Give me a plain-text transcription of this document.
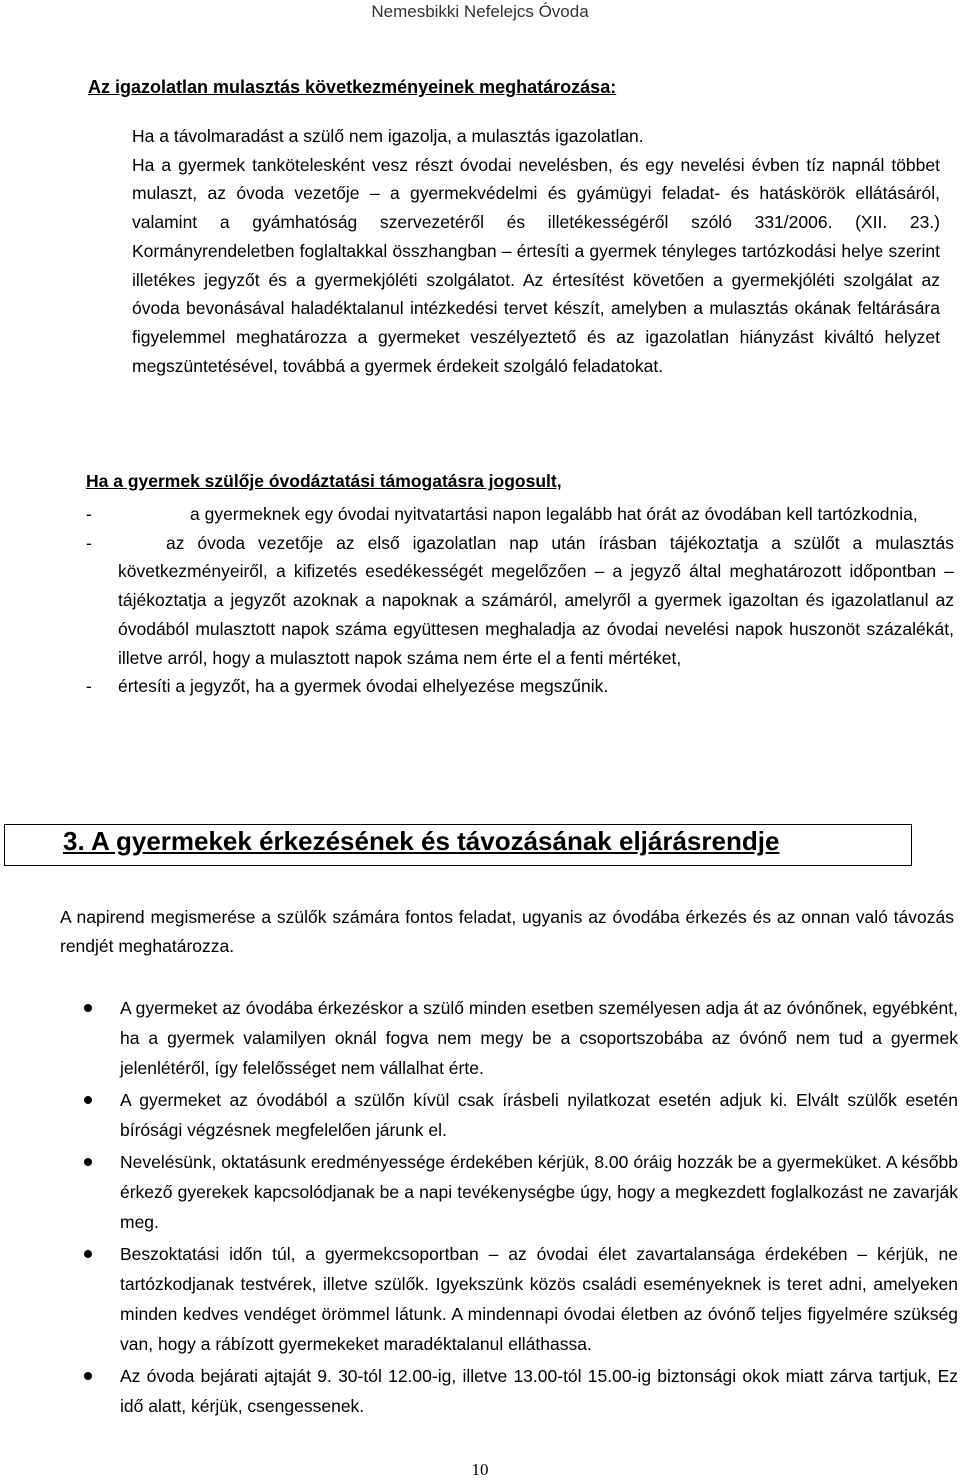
Nemesbikki Nefelejcs Óvoda
Az igazolatlan mulasztás következményeinek meghatározása:
Ha a távolmaradást a szülő nem igazolja, a mulasztás igazolatlan.
Ha a gyermek tankötelesként vesz részt óvodai nevelésben, és egy nevelési évben tíz napnál többet mulaszt, az óvoda vezetője – a gyermekvédelmi és gyámügyi feladat- és hatáskörök ellátásáról, valamint a gyámhatóság szervezetéről és illetékességéről szóló 331/2006. (XII. 23.) Kormányrendeletben foglaltakkal összhangban – értesíti a gyermek tényleges tartózkodási helye szerint illetékes jegyzőt és a gyermekjóléti szolgálatot. Az értesítést követően a gyermekjóléti szolgálat az óvoda bevonásával haladéktalanul intézkedési tervet készít, amelyben a mulasztás okának feltárására figyelemmel meghatározza a gyermeket veszélyeztető és az igazolatlan hiányzást kiváltó helyzet megszüntetésével, továbbá a gyermek érdekeit szolgáló feladatokat.
Ha a gyermek szülője óvodáztatási támogatásra jogosult,
-	a gyermeknek egy óvodai nyitvatartási napon legalább hat órát az óvodában kell tartózkodnia,
-	az óvoda vezetője az első igazolatlan nap után írásban tájékoztatja a szülőt a mulasztás következményeiről, a kifizetés esedékességét megelőzően – a jegyző által meghatározott időpontban – tájékoztatja a jegyzőt azoknak a napoknak a számáról, amelyről a gyermek igazoltan és igazolatlanul az óvodából mulasztott napok száma együttesen meghaladja az óvodai nevelési napok huszonöt százalékát, illetve arról, hogy a mulasztott napok száma nem érte el a fenti mértéket,
- értesíti a jegyzőt, ha a gyermek óvodai elhelyezése megszűnik.
3. A gyermekek érkezésének és távozásának eljárásrendje
A napirend megismerése a szülők számára fontos feladat, ugyanis az óvodába érkezés és az onnan való távozás rendjét meghatározza.
A gyermeket az óvodába érkezéskor a szülő minden esetben személyesen adja át az óvónőnek, egyébként, ha a gyermek valamilyen oknál fogva nem megy be a csoportszobába az óvónő nem tud a gyermek jelenlétéről, így felelősséget nem vállalhat érte.
A gyermeket az óvodából a szülőn kívül csak írásbeli nyilatkozat esetén adjuk ki. Elvált szülők esetén bírósági végzésnek megfelelően járunk el.
Nevelésünk, oktatásunk eredményessége érdekében kérjük, 8.00 óráig hozzák be a gyermeküket. A később érkező gyerekek kapcsolódjanak be a napi tevékenységbe úgy, hogy a megkezdett foglalkozást ne zavarják meg.
Beszoktatási időn túl, a gyermekcsoportban – az óvodai élet zavartalansága érdekében – kérjük, ne tartózkodjanak testvérek, illetve szülők. Igyekszünk közös családi eseményeknek is teret adni, amelyeken minden kedves vendéget örömmel látunk. A mindennapi óvodai életben az óvónő teljes figyelmére szükség van, hogy a rábízott gyermekeket maradéktalanul elláthassa.
Az óvoda bejárati ajtaját 9. 30-tól 12.00-ig, illetve 13.00-tól 15.00-ig biztonsági okok miatt zárva tartjuk, Ez idő alatt, kérjük, csengessenek.
10
